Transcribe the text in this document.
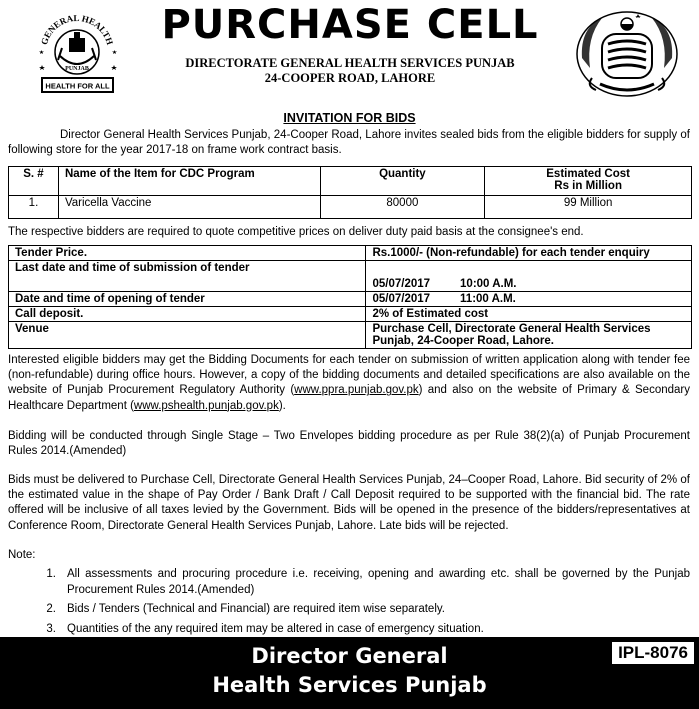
GENERAL HEALTH
PUNJAB
HEALTH FOR ALL
PURCHASE CELL
DIRECTORATE GENERAL HEALTH SERVICES PUNJAB
24-COOPER ROAD, LAHORE
INVITATION FOR BIDS
Director General Health Services Punjab, 24-Cooper Road, Lahore invites sealed bids from the eligible bidders for supply of following store for the year 2017-18 on frame work contract basis.
S. #	Name of the Item for CDC Program	Quantity	Estimated Cost
Rs in Million

1.	Varicella Vaccine	80000	99 Million
The respective bidders are required to quote competitive prices on deliver duty paid basis at the consignee's end.
Tender Price.	Rs.1000/- (Non-refundable) for each tender enquiry
Last date and time of submission of tender	05/07/2017 10:00 A.M.
Date and time of opening of tender	05/07/2017 11:00 A.M.
Call deposit.	2% of Estimated cost
Venue	Purchase Cell, Directorate General Health Services Punjab, 24-Cooper Road, Lahore.
Interested eligible bidders may get the Bidding Documents for each tender on submission of written application along with tender fee (non-refundable) during office hours. However, a copy of the bidding documents and detailed specifications are also available on the website of Punjab Procurement Regulatory Authority (www.ppra.punjab.gov.pk) and also on the website of Primary & Secondary Healthcare Department (www.pshealth.punjab.gov.pk).
Bidding will be conducted through Single Stage – Two Envelopes bidding procedure as per Rule 38(2)(a) of Punjab Procurement Rules 2014.(Amended)
Bids must be delivered to Purchase Cell, Directorate General Health Services Punjab, 24–Cooper Road, Lahore. Bid security of 2% of the estimated value in the shape of Pay Order / Bank Draft / Call Deposit required to be supported with the financial bid. The rate offered will be inclusive of all taxes levied by the Government. Bids will be opened in the presence of the bidders/representatives at Conference Room, Directorate General Health Services Punjab, Lahore. Late bids will be rejected.
Note:
1. All assessments and procuring procedure i.e. receiving, opening and awarding etc. shall be governed by the Punjab Procurement Rules 2014.(Amended)
2. Bids / Tenders (Technical and Financial) are required item wise separately.
3. Quantities of the any required item may be altered in case of emergency situation.
IPL-8076
Director General
Health Services Punjab
